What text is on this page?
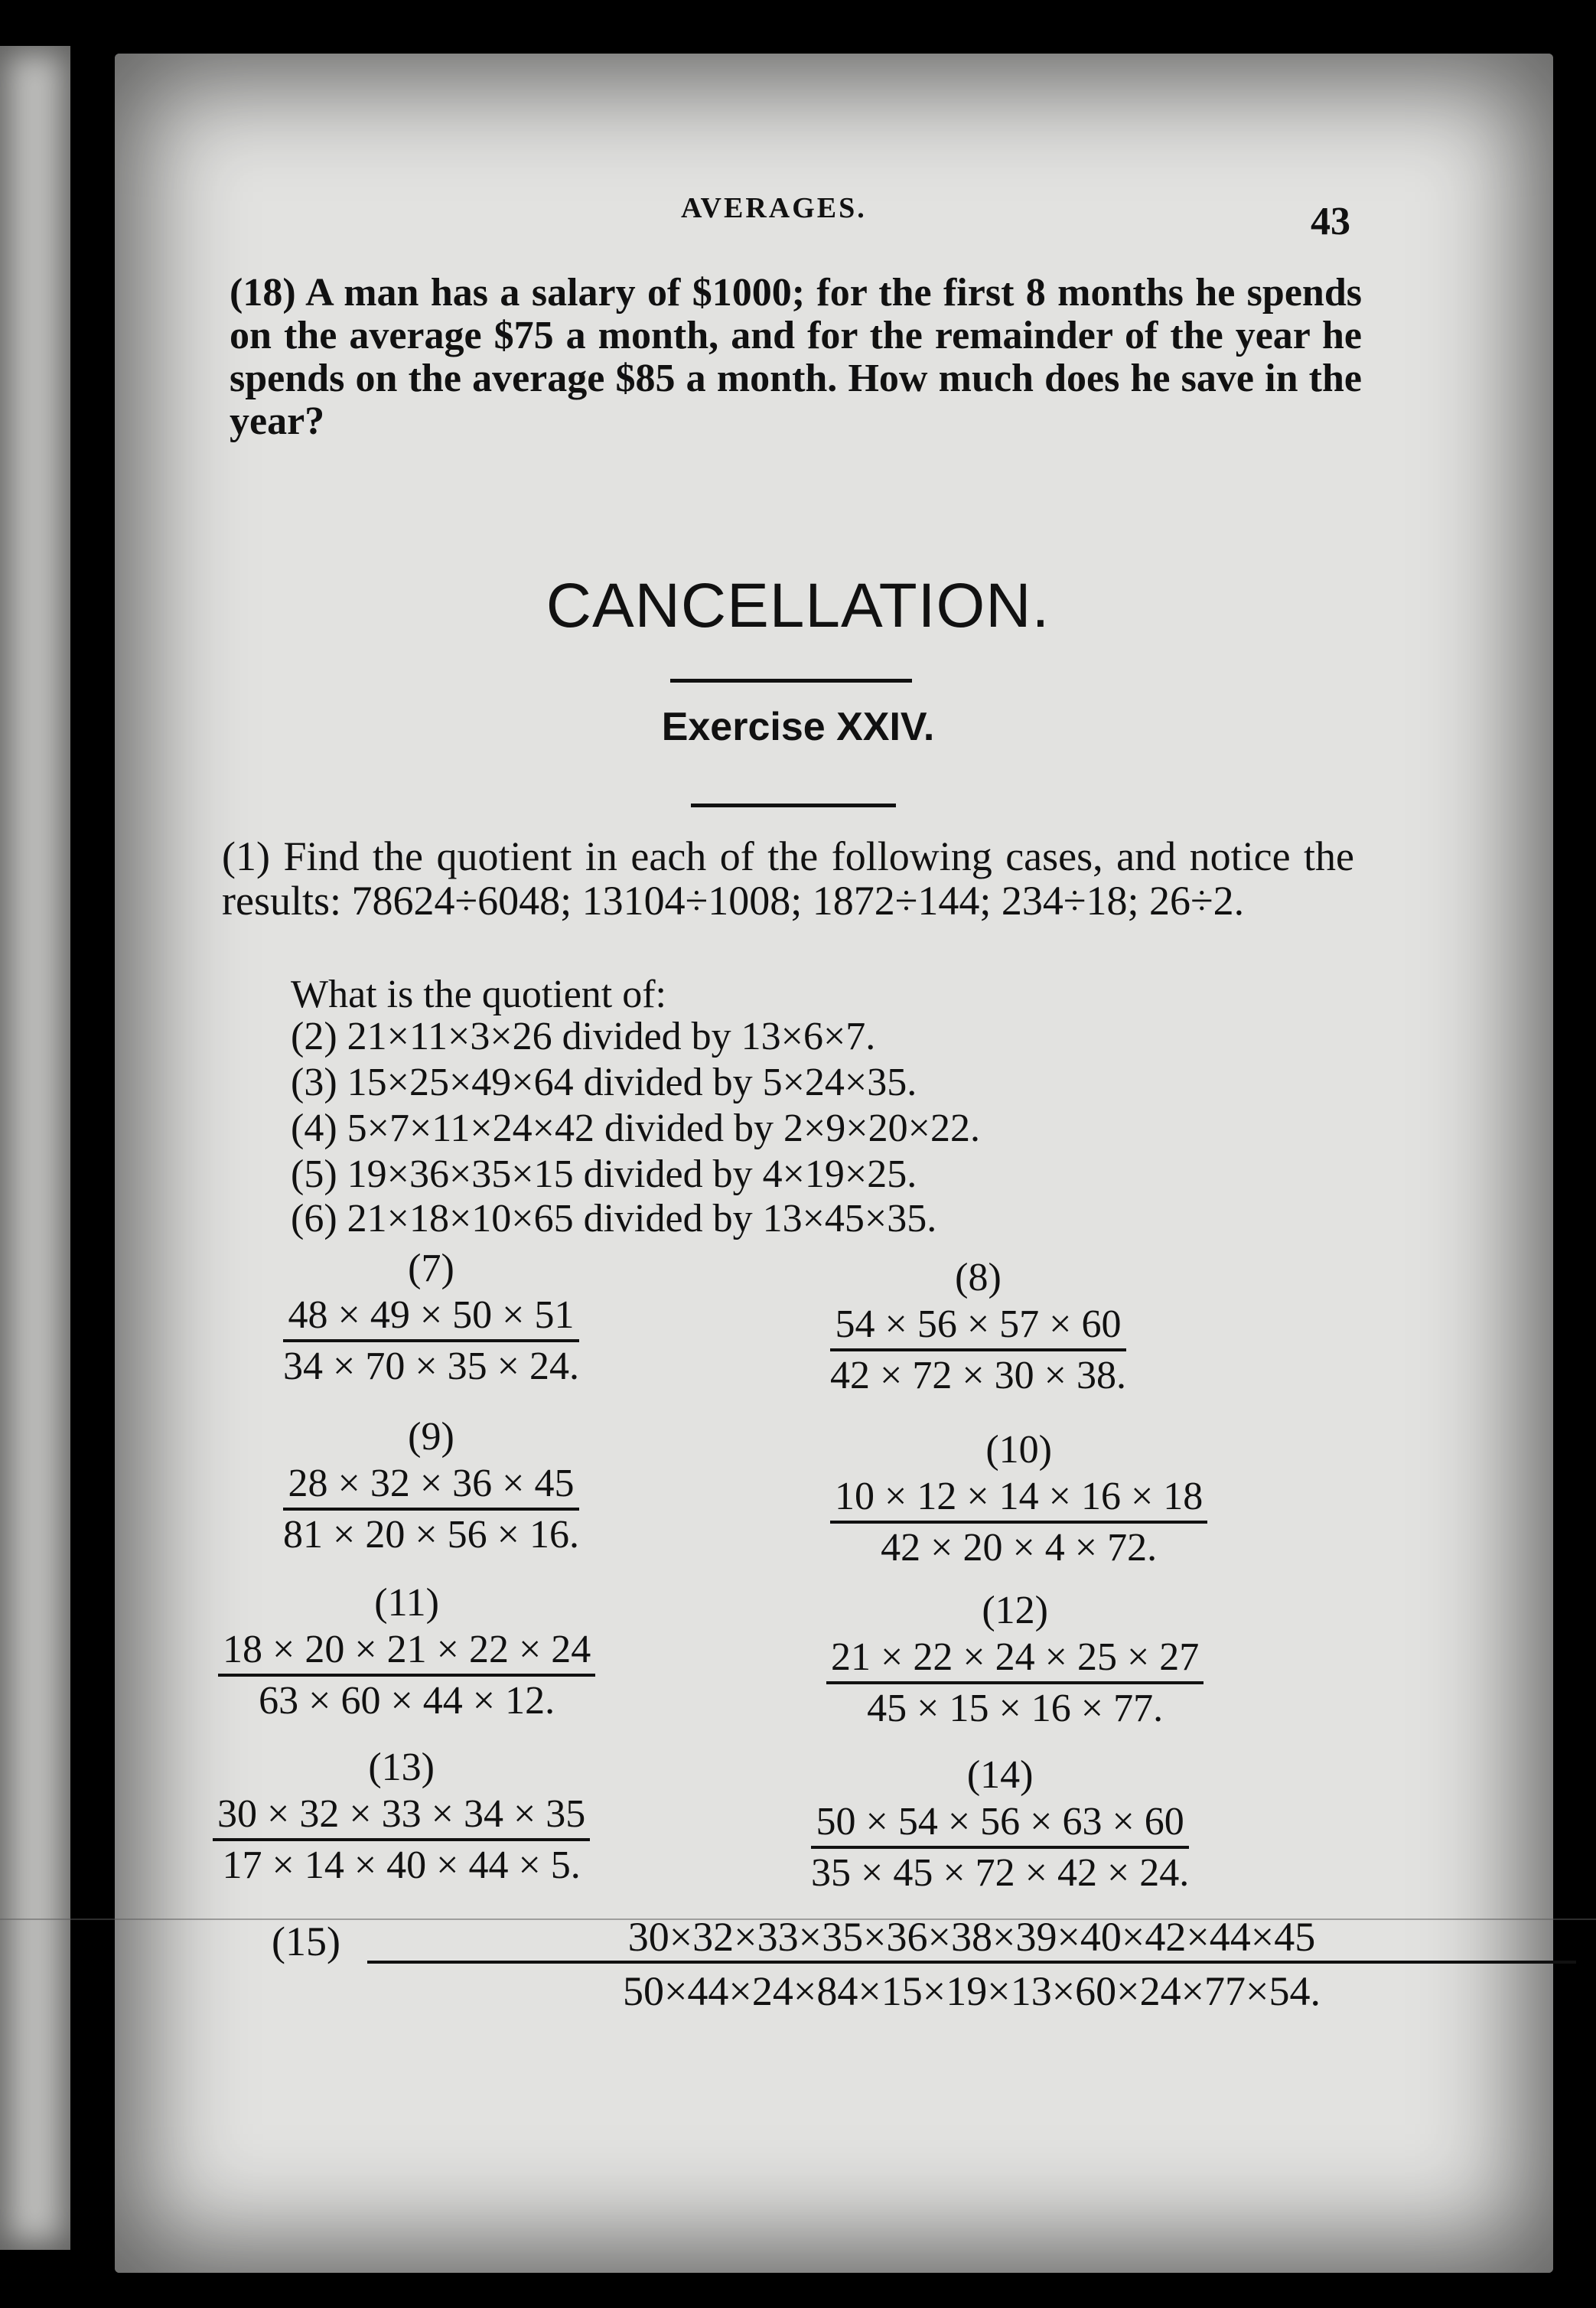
AVERAGES.	43
(18) A man has a salary of $1000; for the first 8 months he spends on the average $75 a month, and for the remainder of the year he spends on the average $85 a month. How much does he save in the year?
CANCELLATION.
Exercise XXIV.
(1) Find the quotient in each of the following cases, and notice the results: 78624÷6048; 13104÷1008; 1872÷144; 234÷18; 26÷2.
What is the quotient of:
(2) 21×11×3×26 divided by 13×6×7.
(3) 15×25×49×64 divided by 5×24×35.
(4) 5×7×11×24×42 divided by 2×9×20×22.
(5) 19×36×35×15 divided by 4×19×25.
(6) 21×18×10×65 divided by 13×45×35.
(7)
48 × 49 × 50 × 51
34 × 70 × 35 × 24.
(8)
54 × 56 × 57 × 60
42 × 72 × 30 × 38.
(9)
28 × 32 × 36 × 45
81 × 20 × 56 × 16.
(10)
10 × 12 × 14 × 16 × 18
42 × 20 × 4 × 72.
(11)
18 × 20 × 21 × 22 × 24
63 × 60 × 44 × 12.
(12)
21 × 22 × 24 × 25 × 27
45 × 15 × 16 × 77.
(13)
30 × 32 × 33 × 34 × 35
17 × 14 × 40 × 44 × 5.
(14)
50 × 54 × 56 × 63 × 60
35 × 45 × 72 × 42 × 24.
(15)	30×32×33×35×36×38×39×40×42×44×45
50×44×24×84×15×19×13×60×24×77×54.
